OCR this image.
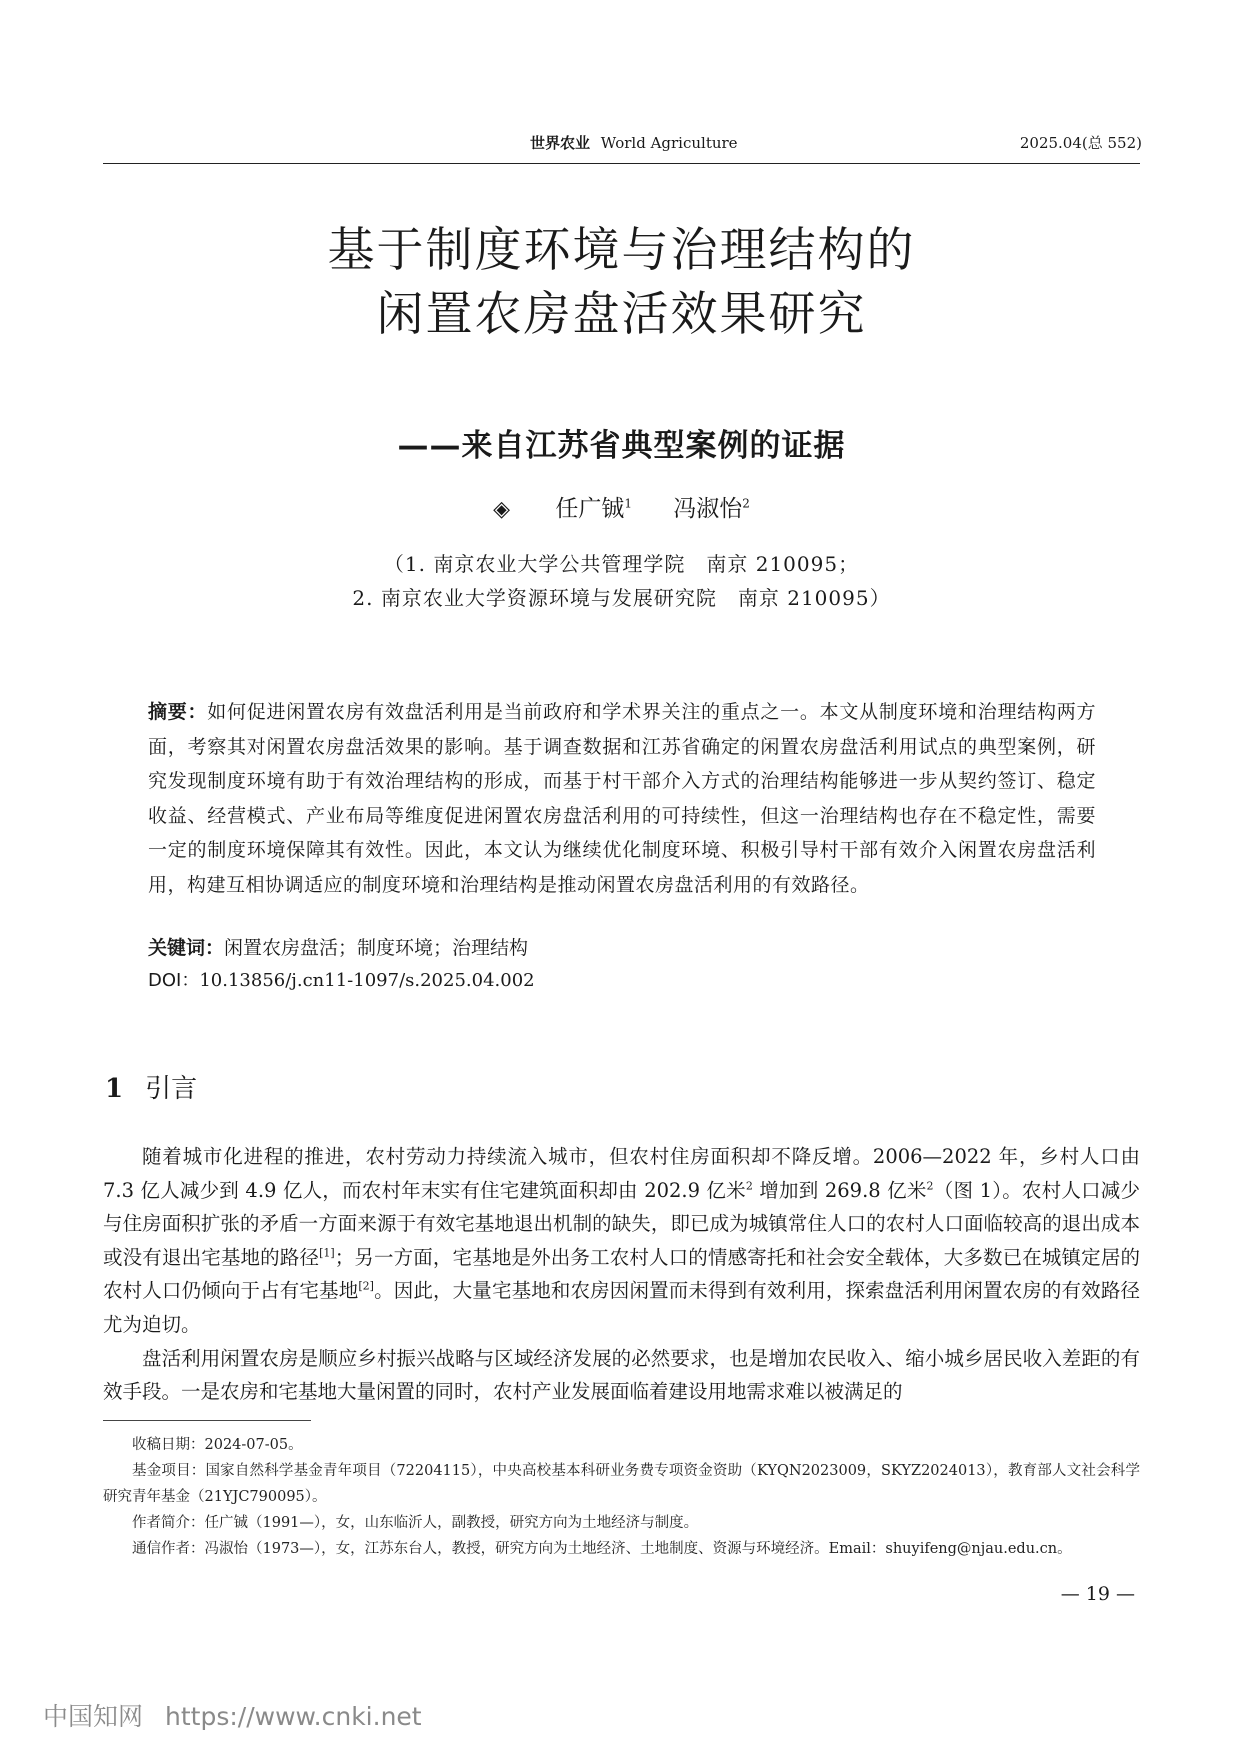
世界农业 World Agriculture	2025.04(总 552)
基于制度环境与治理结构的
闲置农房盘活效果研究
——来自江苏省典型案例的证据
◈ 任广铖$^1$ 冯淑怡$^2$
（1. 南京农业大学公共管理学院　南京 210095；
2. 南京农业大学资源环境与发展研究院　南京 210095）
摘要：如何促进闲置农房有效盘活利用是当前政府和学术界关注的重点之一。本文从制度环境和治理结构两方面，考察其对闲置农房盘活效果的影响。基于调查数据和江苏省确定的闲置农房盘活利用试点的典型案例，研究发现制度环境有助于有效治理结构的形成，而基于村干部介入方式的治理结构能够进一步从契约签订、稳定收益、经营模式、产业布局等维度促进闲置农房盘活利用的可持续性，但这一治理结构也存在不稳定性，需要一定的制度环境保障其有效性。因此，本文认为继续优化制度环境、积极引导村干部有效介入闲置农房盘活利用，构建互相协调适应的制度环境和治理结构是推动闲置农房盘活利用的有效路径。
关键词：闲置农房盘活；制度环境；治理结构
DOI：10.13856/j.cn11-1097/s.2025.04.002
1 引言

随着城市化进程的推进，农村劳动力持续流入城市，但农村住房面积却不降反增。2006—2022 年，乡村人口由 7.3 亿人减少到 4.9 亿人，而农村年末实有住宅建筑面积却由 202.9 亿米$^2$ 增加到 269.8 亿米$^2$（图 1）。农村人口减少与住房面积扩张的矛盾一方面来源于有效宅基地退出机制的缺失，即已成为城镇常住人口的农村人口面临较高的退出成本或没有退出宅基地的路径[1]；另一方面，宅基地是外出务工农村人口的情感寄托和社会安全载体，大多数已在城镇定居的农村人口仍倾向于占有宅基地[2]。因此，大量宅基地和农房因闲置而未得到有效利用，探索盘活利用闲置农房的有效路径尤为迫切。

盘活利用闲置农房是顺应乡村振兴战略与区域经济发展的必然要求，也是增加农民收入、缩小城乡居民收入差距的有效手段。一是农房和宅基地大量闲置的同时，农村产业发展面临着建设用地需求难以被满足的

收稿日期：2024-07-05。

基金项目：国家自然科学基金青年项目（72204115），中央高校基本科研业务费专项资金资助（KYQN2023009，SKYZ2024013），教育部人文社会科学研究青年基金（21YJC790095）。

作者简介：任广铖（1991—），女，山东临沂人，副教授，研究方向为土地经济与制度。

通信作者：冯淑怡（1973—），女，江苏东台人，教授，研究方向为土地经济、土地制度、资源与环境经济。Email：shuyifeng@njau.edu.cn。

— 19 —
中国知网 https://www.cnki.net
